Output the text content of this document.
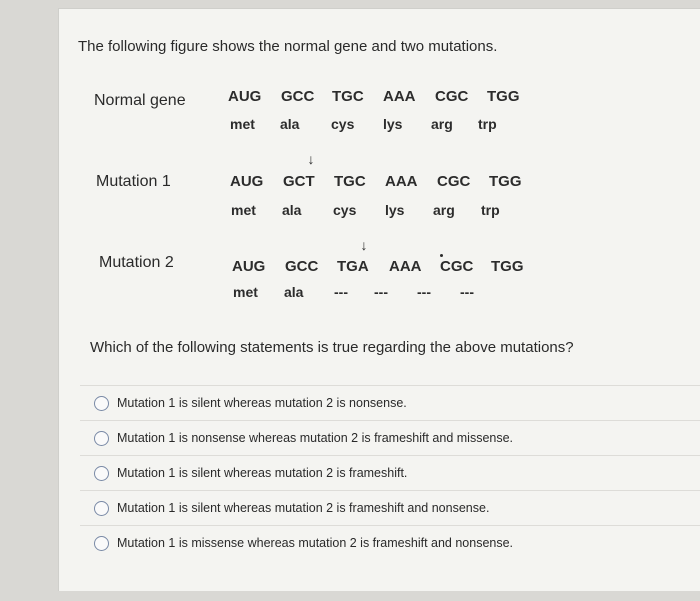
The following figure shows the normal gene and two mutations.
Normal gene
Mutation 1
Mutation 2
AUG GCC TGC AAA CGC TGG
met ala cys lys arg trp
↓
AUG GCT TGC AAA CGC TGG
met ala cys lys arg trp
↓
AUG GCC TGA AAA CGC TGG
met ala --- --- --- ---
Which of the following statements is true regarding the above mutations?
Mutation 1 is silent whereas mutation 2 is nonsense.
Mutation 1 is nonsense whereas mutation 2 is frameshift and missense.
Mutation 1 is silent whereas mutation 2 is frameshift.
Mutation 1 is silent whereas mutation 2 is frameshift and nonsense.
Mutation 1 is missense whereas mutation 2 is frameshift and nonsense.
